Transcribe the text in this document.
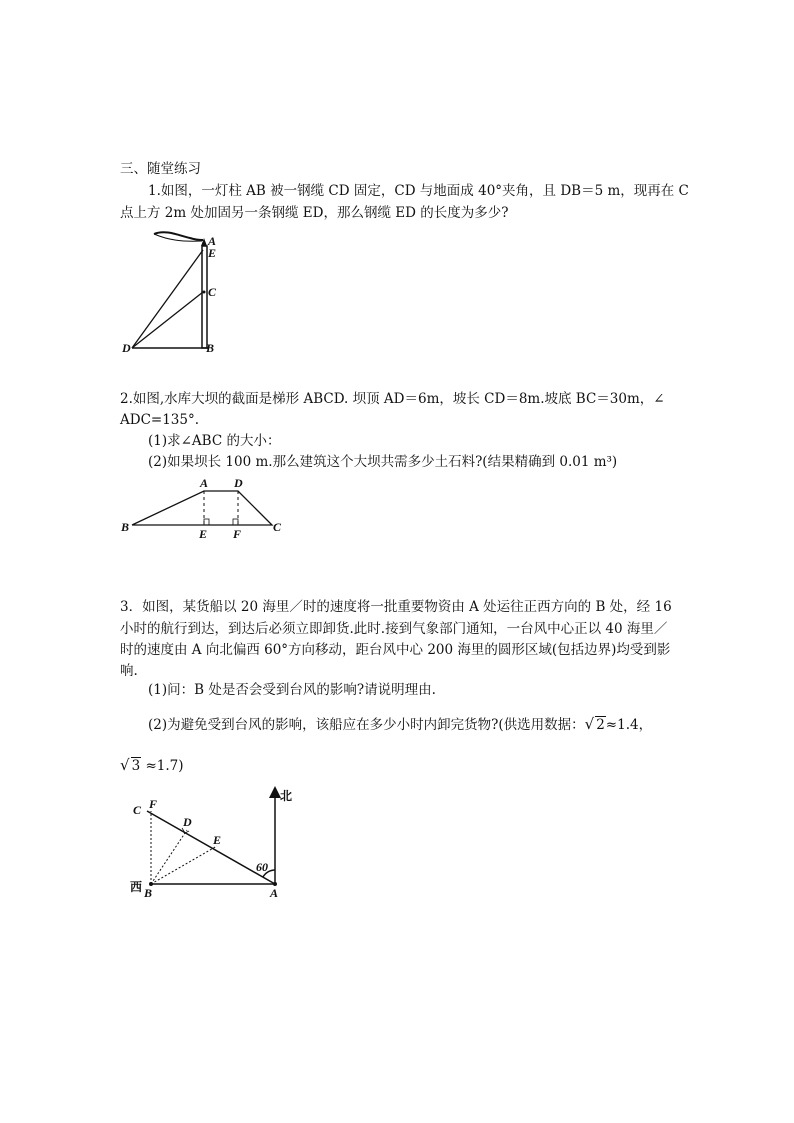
三、随堂练习
1.如图，一灯柱 AB 被一钢缆 CD 固定，CD 与地面成 40°夹角，且 DB＝5 m，现再在 C
点上方 2m 处加固另一条钢缆 ED，那么钢缆 ED 的长度为多少?
A
E
C
D	B
2.如图,水库大坝的截面是梯形 ABCD. 坝顶 AD＝6m，坡长 CD＝8m.坡底 BC＝30m，∠
ADC=135°.
(1)求∠ABC 的大小：
(2)如果坝长 100 m.那么建筑这个大坝共需多少土石料?(结果精确到 0.01 m³)
A D
B	E F	C
3．如图，某货船以 20 海里／时的速度将一批重要物资由 A 处运往正西方向的 B 处，经 16
小时的航行到达，到达后必须立即卸货.此时.接到气象部门通知，一台风中心正以 40 海里／
时的速度由 A 向北偏西 60°方向移动，距台风中心 200 海里的圆形区域(包括边界)均受到影
响.
(1)问：B 处是否会受到台风的影响?请说明理由.
(2)为避免受到台风的影响，该船应在多少小时内卸完货物?(供选用数据：√ 2≈1.4，
√ 3 ≈1.7)
北
C F
D
E
60
西 B	A
